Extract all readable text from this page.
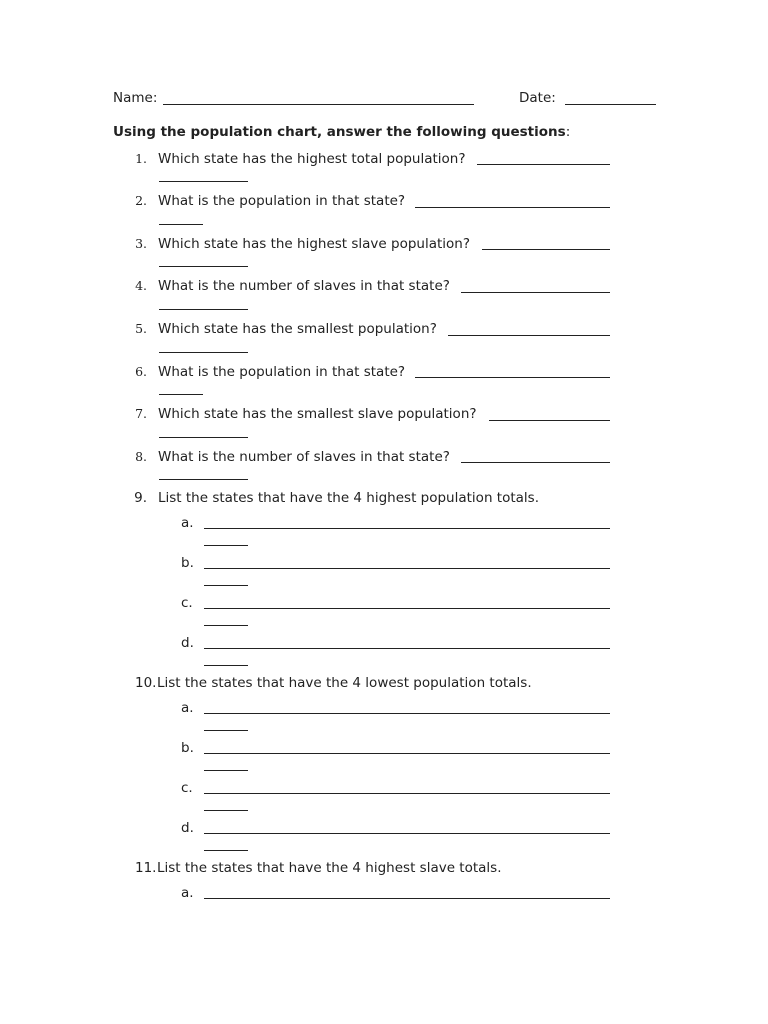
Name:	Date:
Using the population chart, answer the following questions:
1. Which state has the highest total population?
2. What is the population in that state?
3. Which state has the highest slave population?
4. What is the number of slaves in that state?
5. Which state has the smallest population?
6. What is the population in that state?
7. Which state has the smallest slave population?
8. What is the number of slaves in that state?
9. List the states that have the 4 highest population totals.
a.
b.
c.
d.
10. List the states that have the 4 lowest population totals.
a.
b.
c.
d.
11. List the states that have the 4 highest slave totals.
a.
